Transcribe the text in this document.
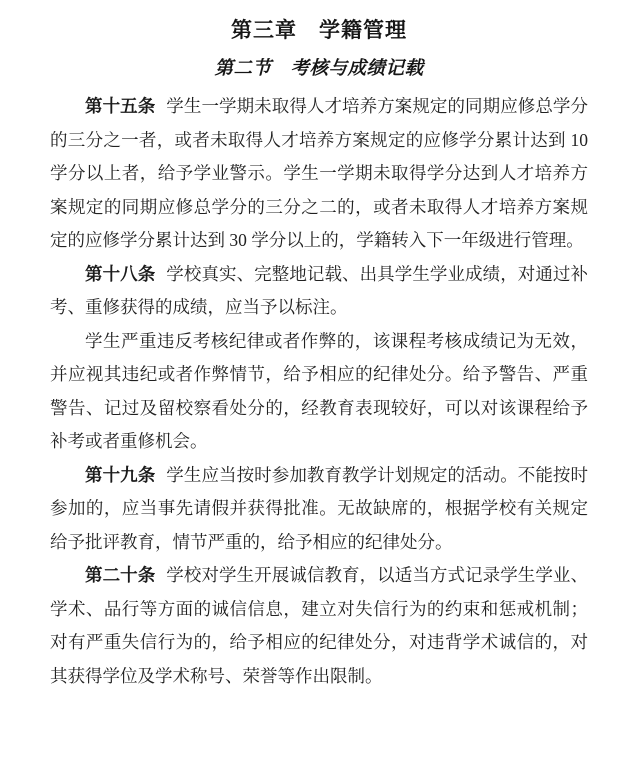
第三章　学籍管理
第二节　考核与成绩记载

第十五条 学生一学期未取得人才培养方案规定的同期应修总学分的三分之一者，或者未取得人才培养方案规定的应修学分累计达到 10 学分以上者，给予学业警示。学生一学期未取得学分达到人才培养方案规定的同期应修总学分的三分之二的，或者未取得人才培养方案规定的应修学分累计达到 30 学分以上的，学籍转入下一年级进行管理。

第十八条 学校真实、完整地记载、出具学生学业成绩，对通过补考、重修获得的成绩，应当予以标注。

学生严重违反考核纪律或者作弊的，该课程考核成绩记为无效，并应视其违纪或者作弊情节，给予相应的纪律处分。给予警告、严重警告、记过及留校察看处分的，经教育表现较好，可以对该课程给予补考或者重修机会。

第十九条 学生应当按时参加教育教学计划规定的活动。不能按时参加的，应当事先请假并获得批准。无故缺席的，根据学校有关规定给予批评教育，情节严重的，给予相应的纪律处分。

第二十条 学校对学生开展诚信教育，以适当方式记录学生学业、学术、品行等方面的诚信信息，建立对失信行为的约束和惩戒机制；对有严重失信行为的，给予相应的纪律处分，对违背学术诚信的，对其获得学位及学术称号、荣誉等作出限制。
